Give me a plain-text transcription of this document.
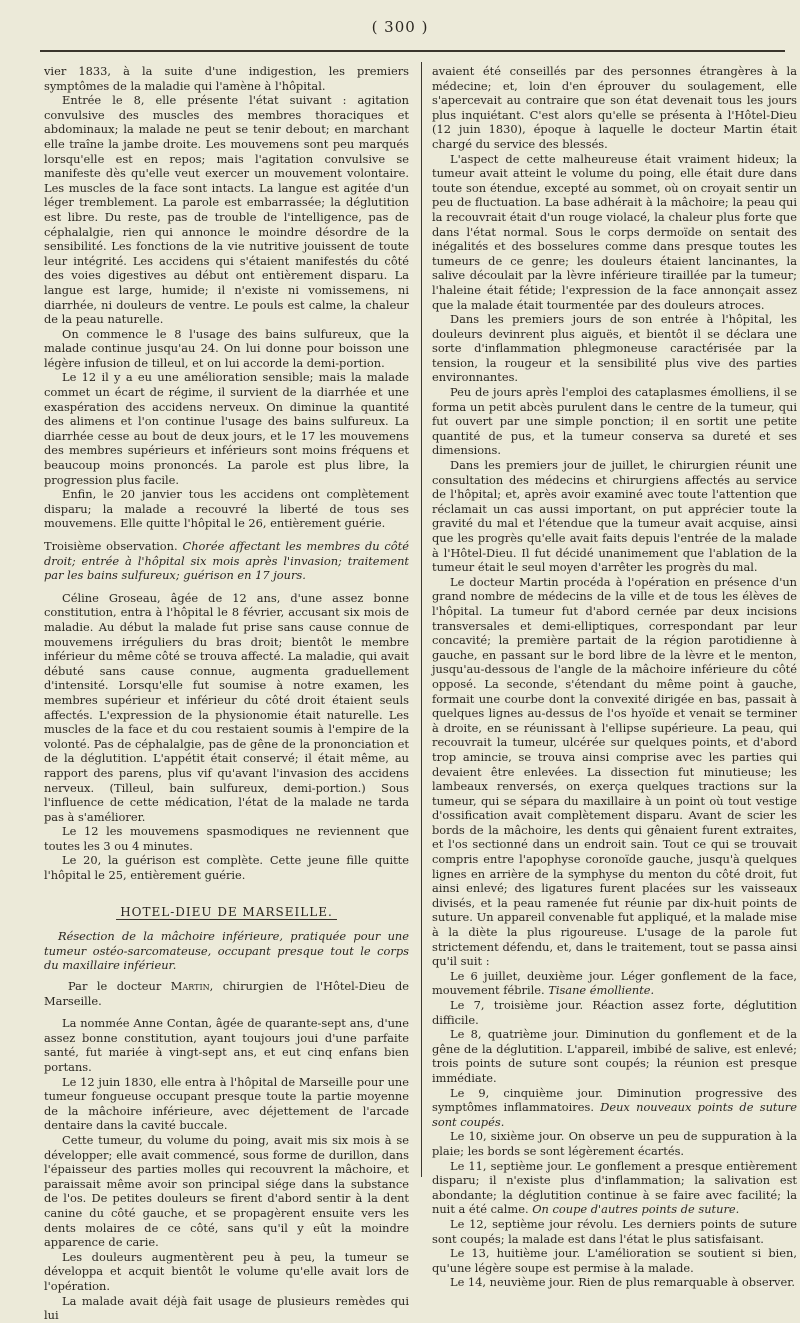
( 300 )

vier 1833, à la suite d'une indigestion, les premiers symptômes de la maladie qui l'amène à l'hôpital.

Entrée le 8, elle présente l'état suivant : agitation convulsive des muscles des membres thoraciques et abdominaux; la malade ne peut se tenir debout; en marchant elle traîne la jambe droite. Les mouvemens sont peu marqués lorsqu'elle est en repos; mais l'agitation convulsive se manifeste dès qu'elle veut exercer un mouvement volontaire. Les muscles de la face sont intacts. La langue est agitée d'un léger tremblement. La parole est embarrassée; la déglutition est libre. Du reste, pas de trouble de l'intelligence, pas de céphalalgie, rien qui annonce le moindre désordre de la sensibilité. Les fonctions de la vie nutritive jouissent de toute leur intégrité. Les accidens qui s'étaient manifestés du côté des voies digestives au début ont entièrement disparu. La langue est large, humide; il n'existe ni vomissemens, ni diarrhée, ni douleurs de ventre. Le pouls est calme, la chaleur de la peau naturelle.

On commence le 8 l'usage des bains sulfureux, que la malade continue jusqu'au 24. On lui donne pour boisson une légère infusion de tilleul, et on lui accorde la demi-portion.

Le 12 il y a eu une amélioration sensible; mais la malade commet un écart de régime, il survient de la diarrhée et une exaspération des accidens nerveux. On diminue la quantité des alimens et l'on continue l'usage des bains sulfureux. La diarrhée cesse au bout de deux jours, et le 17 les mouvemens des membres supérieurs et inférieurs sont moins fréquens et beaucoup moins prononcés. La parole est plus libre, la progression plus facile.

Enfin, le 20 janvier tous les accidens ont complètement disparu; la malade a recouvré la liberté de tous ses mouvemens. Elle quitte l'hôpital le 26, entièrement guérie.

Troisième observation. Chorée affectant les membres du côté droit; entrée à l'hôpital six mois après l'invasion; traitement par les bains sulfureux; guérison en 17 jours.

Céline Groseau, âgée de 12 ans, d'une assez bonne constitution, entra à l'hôpital le 8 février, accusant six mois de maladie. Au début la malade fut prise sans cause connue de mouvemens irréguliers du bras droit; bientôt le membre inférieur du même côté se trouva affecté. La maladie, qui avait débuté sans cause connue, augmenta graduellement d'intensité. Lorsqu'elle fut soumise à notre examen, les membres supérieur et inférieur du côté droit étaient seuls affectés. L'expression de la physionomie était naturelle. Les muscles de la face et du cou restaient soumis à l'empire de la volonté. Pas de céphalalgie, pas de gêne de la prononciation et de la déglutition. L'appétit était conservé; il était même, au rapport des parens, plus vif qu'avant l'invasion des accidens nerveux. (Tilleul, bain sulfureux, demi-portion.) Sous l'influence de cette médication, l'état de la malade ne tarda pas à s'améliorer.

Le 12 les mouvemens spasmodiques ne reviennent que toutes les 3 ou 4 minutes.

Le 20, la guérison est complète. Cette jeune fille quitte l'hôpital le 25, entièrement guérie.

HOTEL-DIEU DE MARSEILLE.

Résection de la mâchoire inférieure, pratiquée pour une tumeur ostéo-sarcomateuse, occupant presque tout le corps du maxillaire inférieur.

Par le docteur Martin, chirurgien de l'Hôtel-Dieu de Marseille.

La nommée Anne Contan, âgée de quarante-sept ans, d'une assez bonne constitution, ayant toujours joui d'une parfaite santé, fut mariée à vingt-sept ans, et eut cinq enfans bien portans.

Le 12 juin 1830, elle entra à l'hôpital de Marseille pour une tumeur fongueuse occupant presque toute la partie moyenne de la mâchoire inférieure, avec déjettement de l'arcade dentaire dans la cavité buccale.

Cette tumeur, du volume du poing, avait mis six mois à se développer; elle avait commencé, sous forme de durillon, dans l'épaisseur des parties molles qui recouvrent la mâchoire, et paraissait même avoir son principal siége dans la substance de l'os. De petites douleurs se firent d'abord sentir à la dent canine du côté gauche, et se propagèrent ensuite vers les dents molaires de ce côté, sans qu'il y eût la moindre apparence de carie.

Les douleurs augmentèrent peu à peu, la tumeur se développa et acquit bientôt le volume qu'elle avait lors de l'opération.

La malade avait déjà fait usage de plusieurs remèdes qui lui

avaient été conseillés par des personnes étrangères à la médecine; et, loin d'en éprouver du soulagement, elle s'apercevait au contraire que son état devenait tous les jours plus inquiétant. C'est alors qu'elle se présenta à l'Hôtel-Dieu (12 juin 1830), époque à laquelle le docteur Martin était chargé du service des blessés.

L'aspect de cette malheureuse était vraiment hideux; la tumeur avait atteint le volume du poing, elle était dure dans toute son étendue, excepté au sommet, où on croyait sentir un peu de fluctuation. La base adhérait à la mâchoire; la peau qui la recouvrait était d'un rouge violacé, la chaleur plus forte que dans l'état normal. Sous le corps dermoïde on sentait des inégalités et des bosselures comme dans presque toutes les tumeurs de ce genre; les douleurs étaient lancinantes, la salive découlait par la lèvre inférieure tiraillée par la tumeur; l'haleine était fétide; l'expression de la face annonçait assez que la malade était tourmentée par des douleurs atroces.

Dans les premiers jours de son entrée à l'hôpital, les douleurs devinrent plus aiguës, et bientôt il se déclara une sorte d'inflammation phlegmoneuse caractérisée par la tension, la rougeur et la sensibilité plus vive des parties environnantes.

Peu de jours après l'emploi des cataplasmes émolliens, il se forma un petit abcès purulent dans le centre de la tumeur, qui fut ouvert par une simple ponction; il en sortit une petite quantité de pus, et la tumeur conserva sa dureté et ses dimensions.

Dans les premiers jour de juillet, le chirurgien réunit une consultation des médecins et chirurgiens affectés au service de l'hôpital; et, après avoir examiné avec toute l'attention que réclamait un cas aussi important, on put apprécier toute la gravité du mal et l'étendue que la tumeur avait acquise, ainsi que les progrès qu'elle avait faits depuis l'entrée de la malade à l'Hôtel-Dieu. Il fut décidé unanimement que l'ablation de la tumeur était le seul moyen d'arrêter les progrès du mal.

Le docteur Martin procéda à l'opération en présence d'un grand nombre de médecins de la ville et de tous les élèves de l'hôpital. La tumeur fut d'abord cernée par deux incisions transversales et demi-elliptiques, correspondant par leur concavité; la première partait de la région parotidienne à gauche, en passant sur le bord libre de la lèvre et le menton, jusqu'au-dessous de l'angle de la mâchoire inférieure du côté opposé. La seconde, s'étendant du même point à gauche, formait une courbe dont la convexité dirigée en bas, passait à quelques lignes au-dessus de l'os hyoïde et venait se terminer à droite, en se réunissant à l'ellipse supérieure. La peau, qui recouvrait la tumeur, ulcérée sur quelques points, et d'abord trop amincie, se trouva ainsi comprise avec les parties qui devaient être enlevées. La dissection fut minutieuse; les lambeaux renversés, on exerça quelques tractions sur la tumeur, qui se sépara du maxillaire à un point où tout vestige d'ossification avait complètement disparu. Avant de scier les bords de la mâchoire, les dents qui gênaient furent extraites, et l'os sectionné dans un endroit sain. Tout ce qui se trouvait compris entre l'apophyse coronoïde gauche, jusqu'à quelques lignes en arrière de la symphyse du menton du côté droit, fut ainsi enlevé; des ligatures furent placées sur les vaisseaux divisés, et la peau ramenée fut réunie par dix-huit points de suture. Un appareil convenable fut appliqué, et la malade mise à la diète la plus rigoureuse. L'usage de la parole fut strictement défendu, et, dans le traitement, tout se passa ainsi qu'il suit :

Le 6 juillet, deuxième jour. Léger gonflement de la face, mouvement fébrile. Tisane émolliente.

Le 7, troisième jour. Réaction assez forte, déglutition difficile.

Le 8, quatrième jour. Diminution du gonflement et de la gêne de la déglutition. L'appareil, imbibé de salive, est enlevé; trois points de suture sont coupés; la réunion est presque immédiate.

Le 9, cinquième jour. Diminution progressive des symptômes inflammatoires. Deux nouveaux points de suture sont coupés.

Le 10, sixième jour. On observe un peu de suppuration à la plaie; les bords se sont légèrement écartés.

Le 11, septième jour. Le gonflement a presque entièrement disparu; il n'existe plus d'inflammation; la salivation est abondante; la déglutition continue à se faire avec facilité; la nuit a été calme. On coupe d'autres points de suture.

Le 12, septième jour révolu. Les derniers points de suture sont coupés; la malade est dans l'état le plus satisfaisant.

Le 13, huitième jour. L'amélioration se soutient si bien, qu'une légère soupe est permise à la malade.

Le 14, neuvième jour. Rien de plus remarquable à observer.
